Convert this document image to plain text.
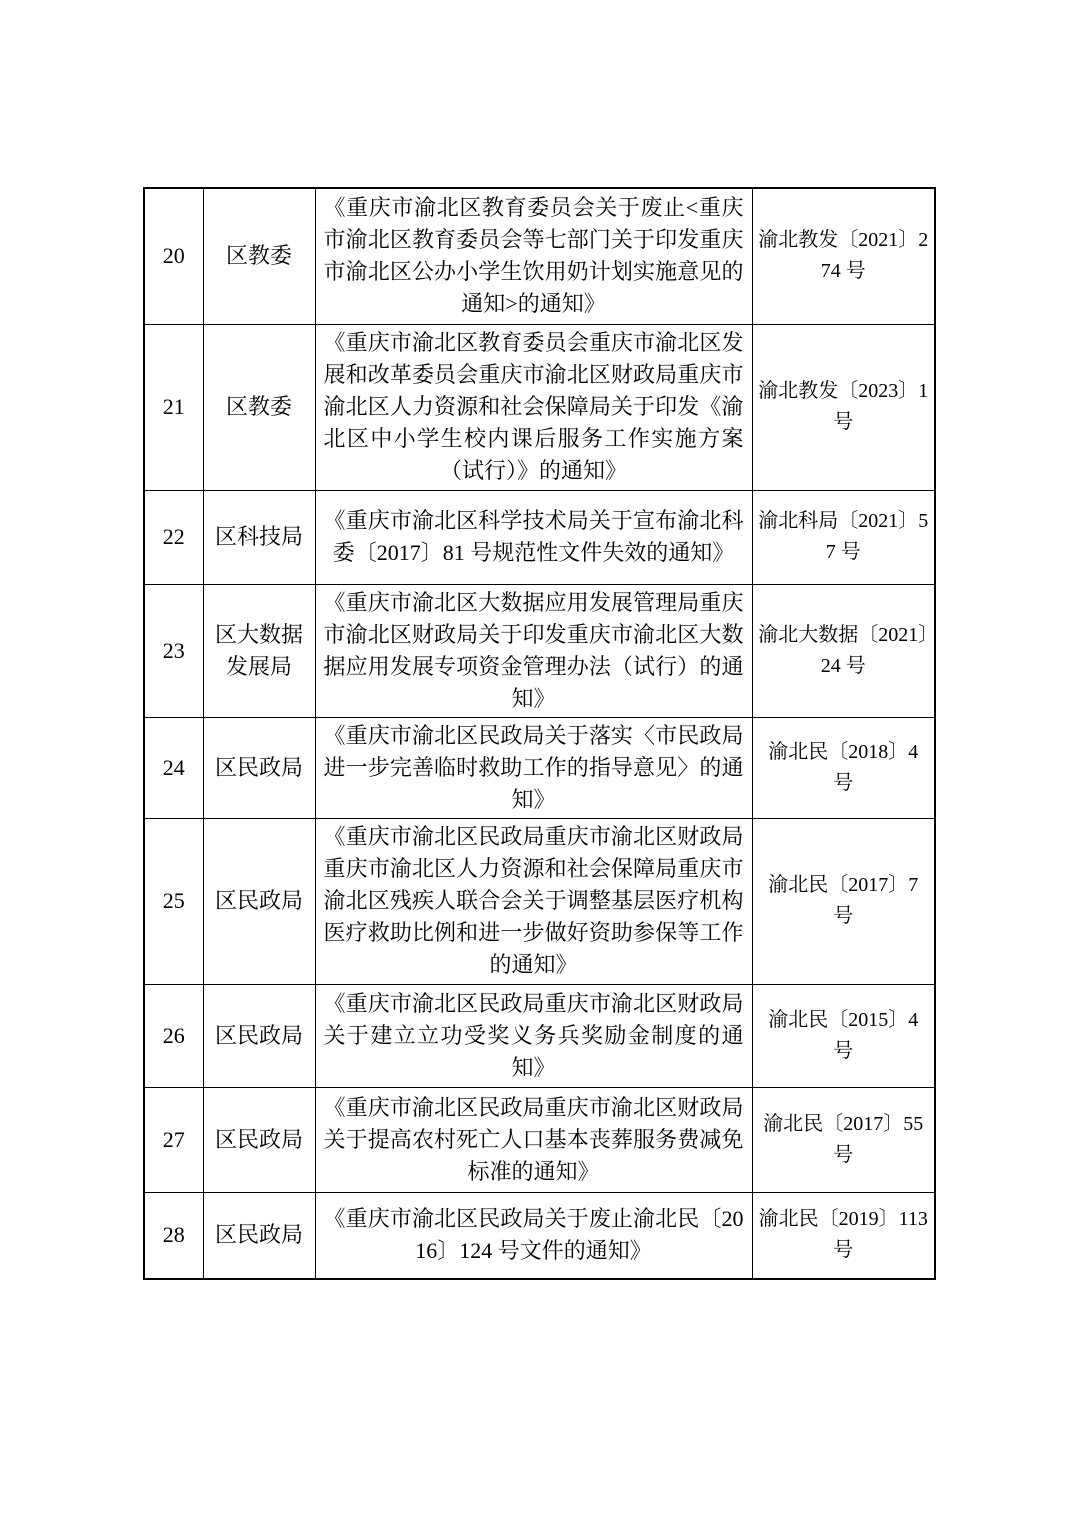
20	区教委	《重庆市渝北区教育委员会关于废止<重庆市渝北区教育委员会等七部门关于印发重庆市渝北区公办小学生饮用奶计划实施意见的通知>的通知》	渝北教发〔2021〕274 号
21	区教委	《重庆市渝北区教育委员会重庆市渝北区发展和改革委员会重庆市渝北区财政局重庆市渝北区人力资源和社会保障局关于印发《渝北区中小学生校内课后服务工作实施方案（试行）》的通知》	渝北教发〔2023〕1 号
22	区科技局	《重庆市渝北区科学技术局关于宣布渝北科委〔2017〕81 号规范性文件失效的通知》	渝北科局〔2021〕57 号
23	区大数据发展局	《重庆市渝北区大数据应用发展管理局重庆市渝北区财政局关于印发重庆市渝北区大数据应用发展专项资金管理办法（试行）的通知》	渝北大数据〔2021〕24 号
24	区民政局	《重庆市渝北区民政局关于落实〈市民政局进一步完善临时救助工作的指导意见〉的通知》	渝北民〔2018〕4 号
25	区民政局	《重庆市渝北区民政局重庆市渝北区财政局重庆市渝北区人力资源和社会保障局重庆市渝北区残疾人联合会关于调整基层医疗机构医疗救助比例和进一步做好资助参保等工作的通知》	渝北民〔2017〕7 号
26	区民政局	《重庆市渝北区民政局重庆市渝北区财政局关于建立立功受奖义务兵奖励金制度的通知》	渝北民〔2015〕4 号
27	区民政局	《重庆市渝北区民政局重庆市渝北区财政局关于提高农村死亡人口基本丧葬服务费减免标准的通知》	渝北民〔2017〕55 号
28	区民政局	《重庆市渝北区民政局关于废止渝北民〔2016〕124 号文件的通知》	渝北民〔2019〕113 号
